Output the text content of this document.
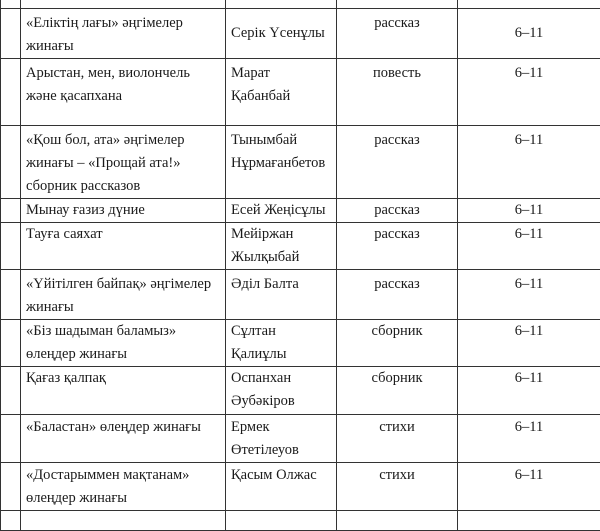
	«Еліктің лағы» әңгімелер жинағы	Серік Үсенұлы	рассказ	6–11
	Арыстан, мен, виолончель және қасапхана	Марат Қабанбай	повесть	6–11
	«Қош бол, ата» әңгімелер жинағы – «Прощай ата!» сборник рассказов	Тынымбай Нұрмағанбетов	рассказ	6–11
	Мынау ғазиз дүние	Есей Жеңісұлы	рассказ	6–11
	Тауға саяхат	Мейіржан Жылқыбай	рассказ	6–11
	«Үйітілген байпақ» әңгімелер жинағы	Әділ Балта	рассказ	6–11
	«Біз шадыман баламыз» өлеңдер жинағы	Сұлтан Қалиұлы	сборник	6–11
	Қағаз қалпақ	Оспанхан Әубәкіров	сборник	6–11
	«Баластан» өлеңдер жинағы	Ермек Өтетілеуов	стихи	6–11
	«Достарыммен мақтанам» өлеңдер жинағы	Қасым Олжас	стихи	6–11
